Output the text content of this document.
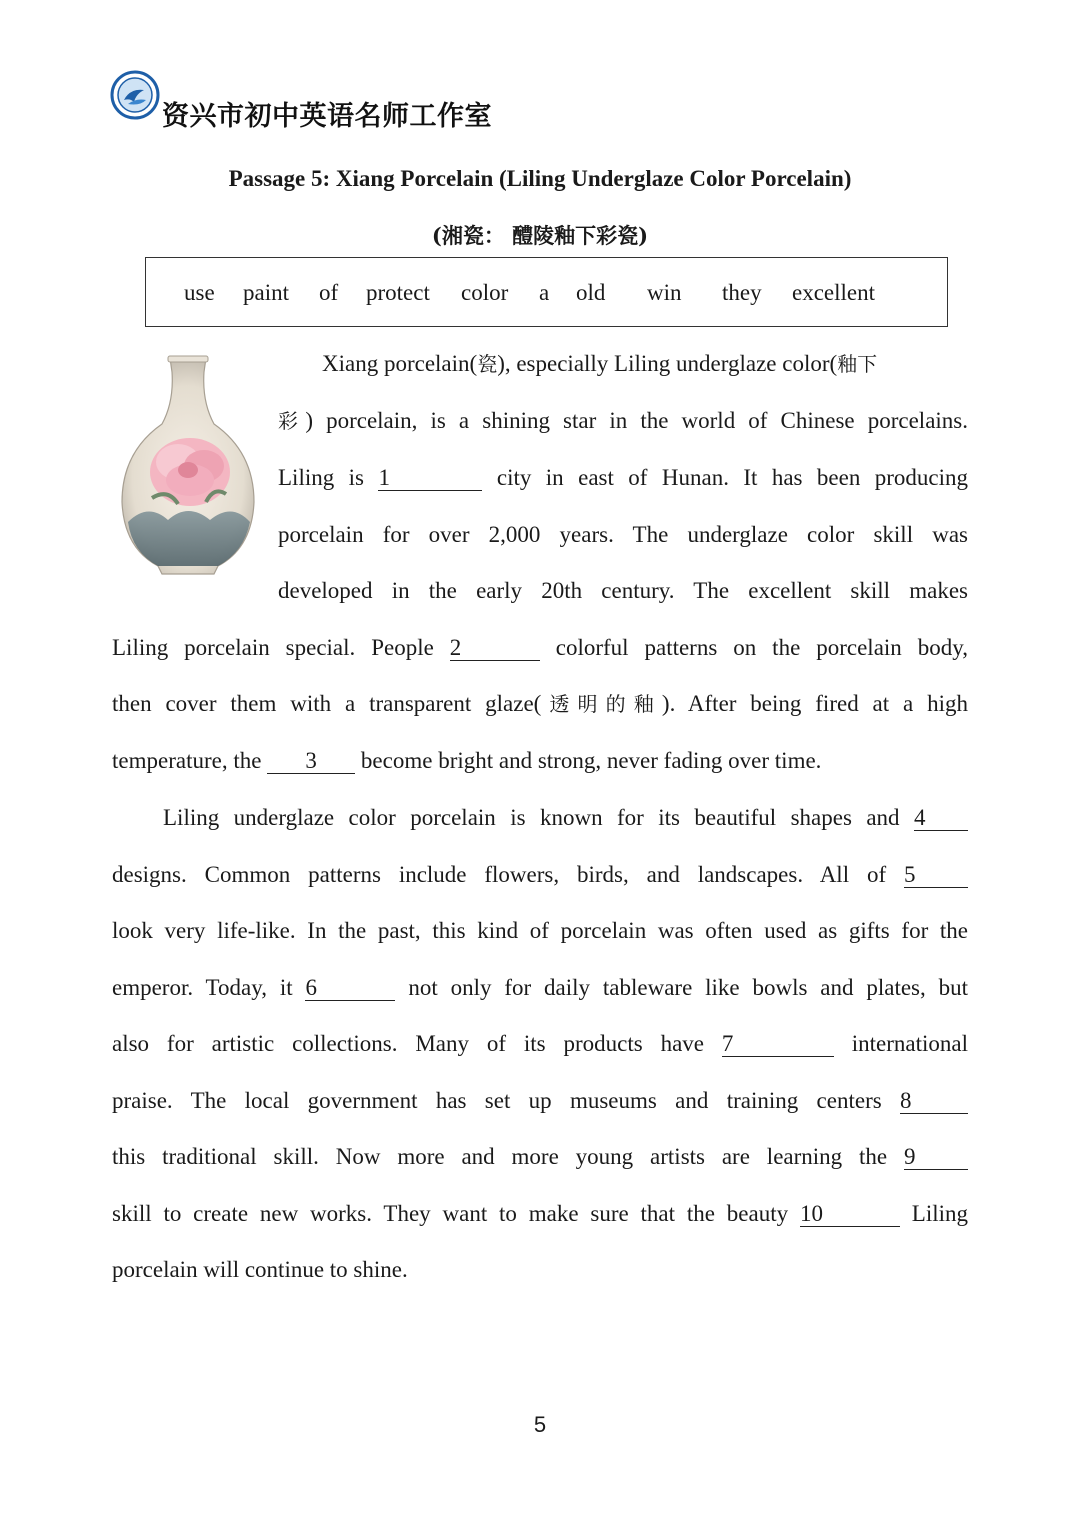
资兴市初中英语名师工作室
Passage 5: Xiang Porcelain (Liling Underglaze Color Porcelain)
(湘瓷： 醴陵釉下彩瓷)
use paint of protect color a old win they excellent
Xiang porcelain(瓷), especially Liling underglaze color(釉下
彩) porcelain, is a shining star in the world of Chinese porcelains.
Liling is 1	city in east of Hunan. It has been producing
porcelain for over 2,000 years. The underglaze color skill was
developed in the early 20th century. The excellent skill makes
Liling porcelain special. People 2	colorful patterns on the porcelain body,
then cover them with a transparent glaze(透明的釉). After being fired at a high
temperature, the 3 become bright and strong, never fading over time.
Liling underglaze color porcelain is known for its beautiful shapes and 4
designs. Common patterns include flowers, birds, and landscapes. All of 5
look very life-like. In the past, this kind of porcelain was often used as gifts for the
emperor. Today, it 6	not only for daily tableware like bowls and plates, but
also for artistic collections. Many of its products have 7	international
praise. The local government has set up museums and training centers 8
this traditional skill. Now more and more young artists are learning the 9
skill to create new works. They want to make sure that the beauty 10	Liling
porcelain will continue to shine.
5
